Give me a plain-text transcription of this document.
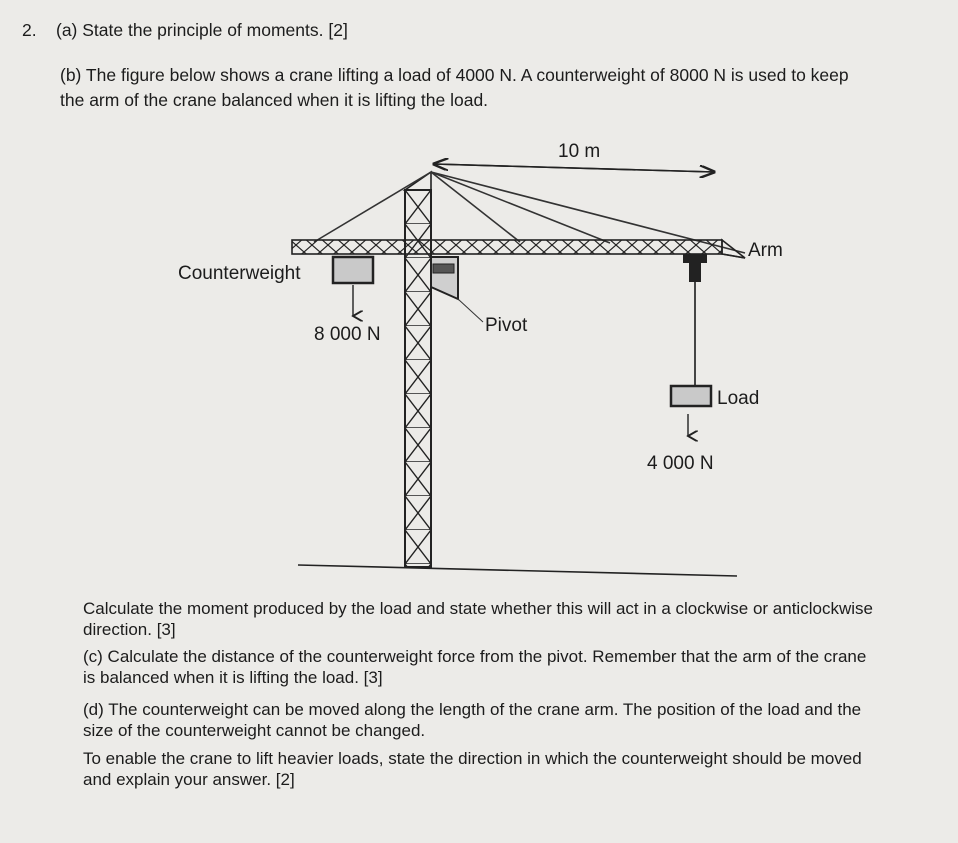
2. (a) State the principle of moments. [2]
(b) The figure below shows a crane lifting a load of 4000 N. A counterweight of 8000 N is used to keep
the arm of the crane balanced when it is lifting the load.
10 m
Arm
Counterweight
8 000 N	Pivot
Load
4 000 N

Calculate the moment produced by the load and state whether this will act in a clockwise or anticlockwise

direction. [3]

(c) Calculate the distance of the counterweight force from the pivot. Remember that the arm of the crane

is balanced when it is lifting the load. [3]

(d) The counterweight can be moved along the length of the crane arm. The position of the load and the

size of the counterweight cannot be changed.

To enable the crane to lift heavier loads, state the direction in which the counterweight should be moved

and explain your answer. [2]
